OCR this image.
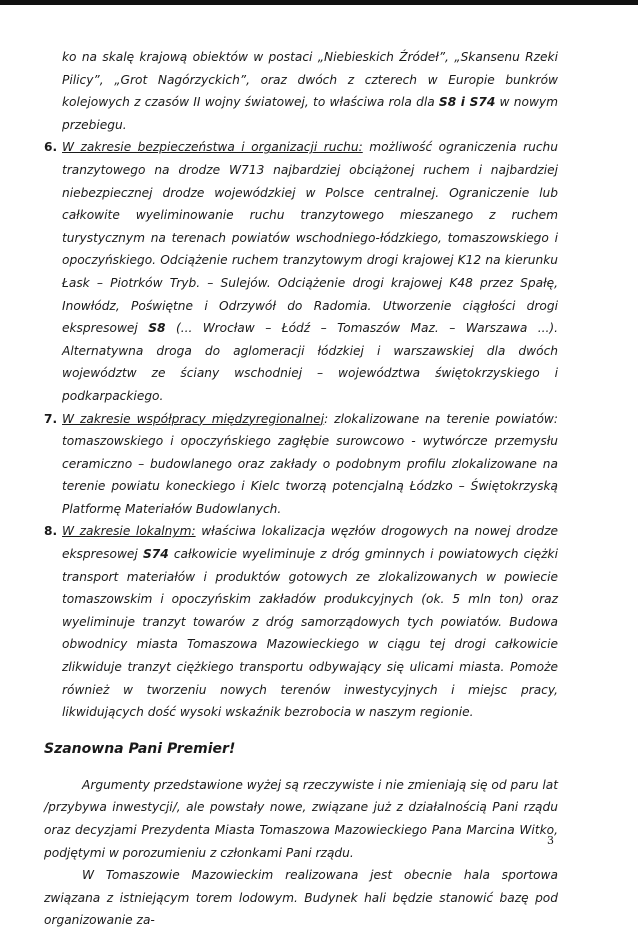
ko na skalę krajową obiektów w postaci „Niebieskich Źródeł”, „Skansenu Rzeki Pilicy”, „Grot Nagórzyckich”, oraz dwóch z czterech w Europie bunkrów kolejowych z czasów II wojny światowej, to właściwa rola dla S8 i S74 w nowym przebiegu.
6. W zakresie bezpieczeństwa i organizacji ruchu: możliwość ograniczenia ruchu tranzytowego na drodze W713 najbardziej obciążonej ruchem i najbardziej niebezpiecznej drodze wojewódzkiej w Polsce centralnej. Ograniczenie lub całkowite wyeliminowanie ruchu tranzytowego mieszanego z ruchem turystycznym na terenach powiatów wschodniego-łódzkiego, tomaszowskiego i opoczyńskiego. Odciążenie ruchem tranzytowym drogi krajowej K12 na kierunku Łask – Piotrków Tryb. – Sulejów. Odciążenie drogi krajowej K48 przez Spałę, Inowłódz, Poświętne i Odrzywół do Radomia. Utworzenie ciągłości drogi ekspresowej S8 (... Wrocław – Łódź – Tomaszów Maz. – Warszawa ...). Alternatywna droga do aglomeracji łódzkiej i warszawskiej dla dwóch województw ze ściany wschodniej – województwa świętokrzyskiego i podkarpackiego.
7. W zakresie współpracy międzyregionalnej: zlokalizowane na terenie powiatów: tomaszowskiego i opoczyńskiego zagłębie surowcowo - wytwórcze przemysłu ceramiczno – budowlanego oraz zakłady o podobnym profilu zlokalizowane na terenie powiatu koneckiego i Kielc tworzą potencjalną Łódzko – Świętokrzyską Platformę Materiałów Budowlanych.
8. W zakresie lokalnym: właściwa lokalizacja węzłów drogowych na nowej drodze ekspresowej S74 całkowicie wyeliminuje z dróg gminnych i powiatowych ciężki transport materiałów i produktów gotowych ze zlokalizowanych w powiecie tomaszowskim i opoczyńskim zakładów produkcyjnych (ok. 5 mln ton) oraz wyeliminuje tranzyt towarów z dróg samorządowych tych powiatów. Budowa obwodnicy miasta Tomaszowa Mazowieckiego w ciągu tej drogi całkowicie zlikwiduje tranzyt ciężkiego transportu odbywający się ulicami miasta. Pomoże również w tworzeniu nowych terenów inwestycyjnych i miejsc pracy, likwidujących dość wysoki wskaźnik bezrobocia w naszym regionie.
Szanowna Pani Premier!
Argumenty przedstawione wyżej są rzeczywiste i nie zmieniają się od paru lat /przybywa inwestycji/, ale powstały nowe, związane już z działalnością Pani rządu oraz decyzjami Prezydenta Miasta Tomaszowa Mazowieckiego Pana Marcina Witko, podjętymi w porozumieniu z członkami Pani rządu.
W Tomaszowie Mazowieckim realizowana jest obecnie hala sportowa związana z istniejącym torem lodowym. Budynek hali będzie stanowić bazę pod organizowanie za-
3
